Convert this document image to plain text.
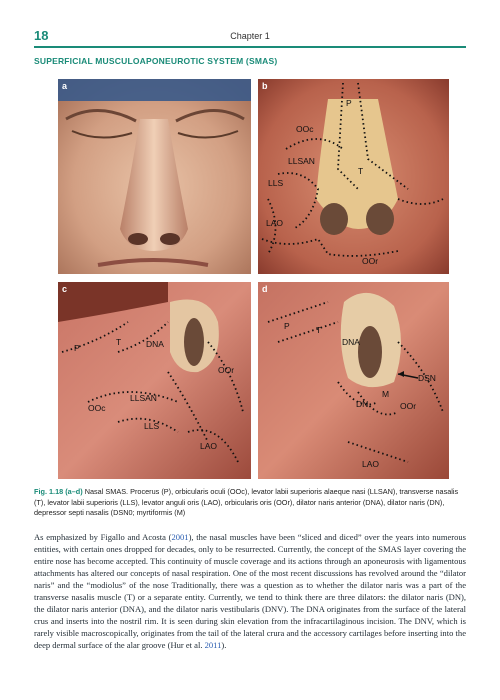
18	Chapter 1
SUPERFICIAL MUSCULOAPONEUROTIC SYSTEM (SMAS)
a	b
P
OOc
LLSAN
T
LLS
LAO
OOr
c
P
T	DNA
OOr
OOc
LLSAN
LLS
LAO
d
P	T
DNA
DSN
DN
M
OOr
LAO
Fig. 1.18 (a–d) Nasal SMAS. Procerus (P), orbicularis oculi (OOc), levator labii superioris alaeque nasi (LLSAN), transverse nasalis (T), levator labii superioris (LLS), levator anguli oris (LAO), orbicularis oris (OOr), dilator naris anterior (DNA), dilator naris (DN), depressor septi nasalis (DSN0; myrtiformis (M)

As emphasized by Figallo and Acosta (2001), the nasal muscles have been “sliced and diced” over the years into numerous entities, with certain ones dropped for decades, only to be resurrected. Currently, the concept of the SMAS layer covering the entire nose has become accepted. This continuity of muscle coverage and its actions through an aponeurosis with ligamentous attachments has altered our concepts of nasal respiration. One of the most recent discussions has revolved around the “dilator naris” and the “modiolus” of the nose Traditionally, there was a question as to whether the dilator naris was a part of the transverse nasalis muscle (T) or a separate entity. Currently, we tend to think there are three dilators: the dilator naris (DN), the dilator naris anterior (DNA), and the dilator naris vestibularis (DNV). The DNA originates from the surface of the lateral crus and inserts into the nostril rim. It is seen during skin elevation from the infracartilaginous incision. The DNV, which is rarely visible macroscopically, originates from the tail of the lateral crura and the accessory cartilages before inserting into the deep dermal surface of the alar groove (Hur et al. 2011).
